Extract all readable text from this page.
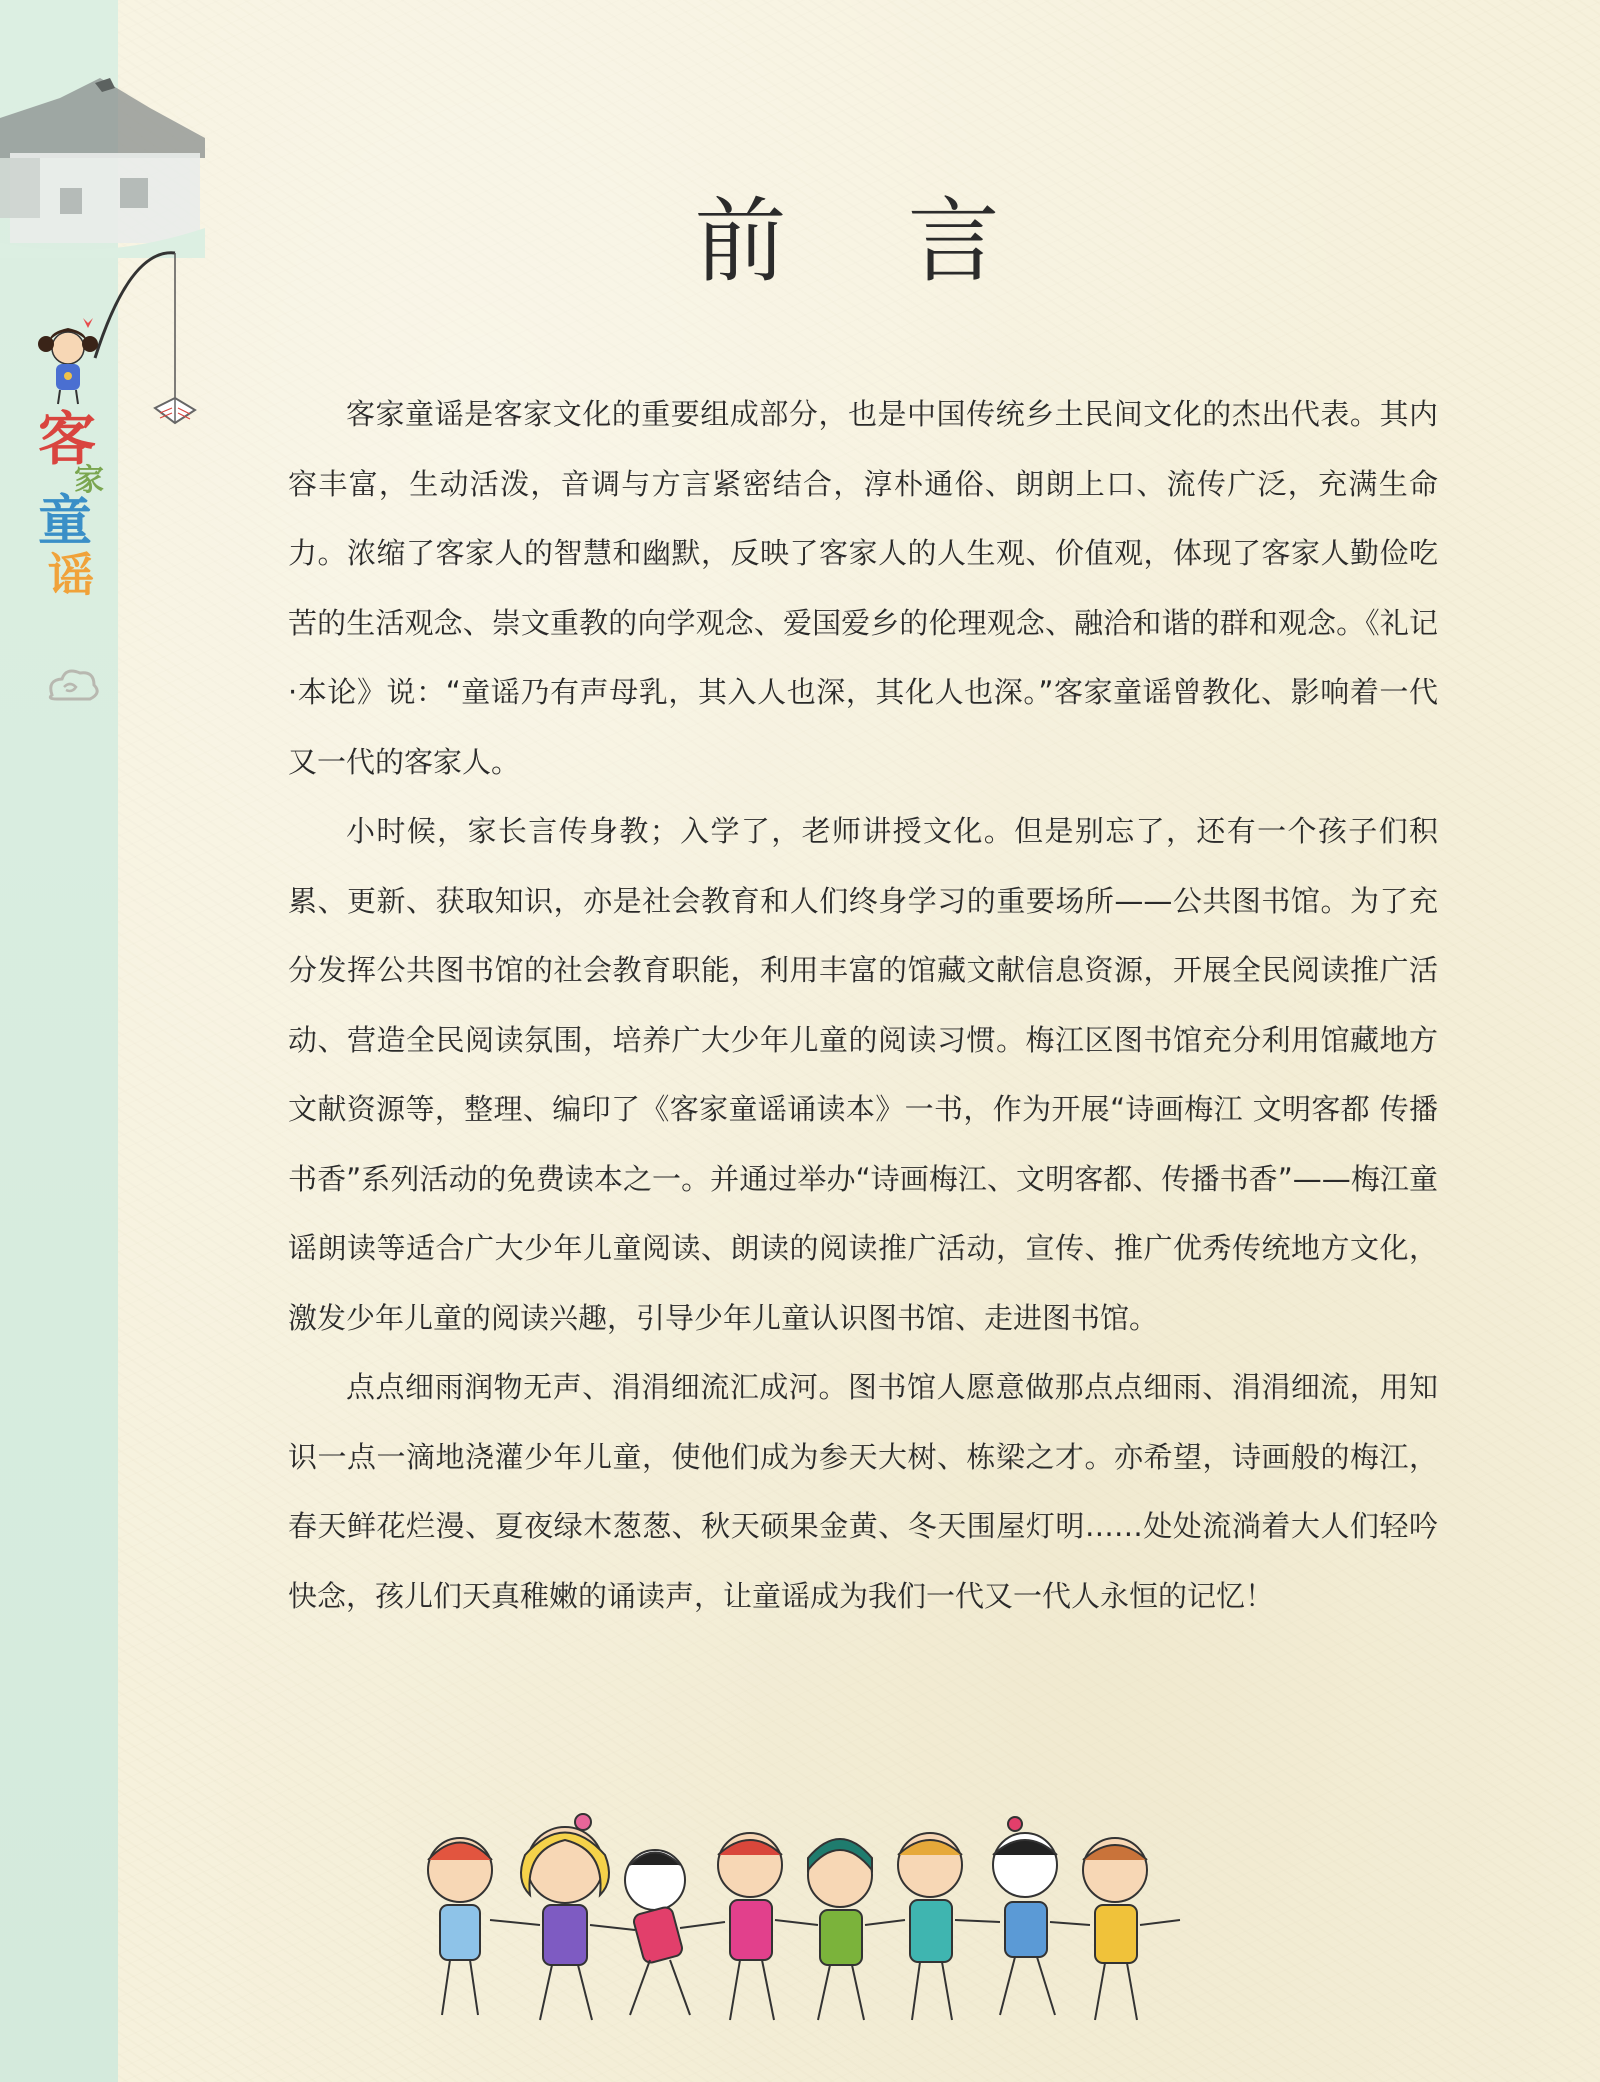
客
家
童
谣
前 言

客家童谣是客家文化的重要组成部分，也是中国传统乡土民间文化的杰出代表。其内容丰富，生动活泼，音调与方言紧密结合，淳朴通俗、朗朗上口、流传广泛，充满生命力。浓缩了客家人的智慧和幽默，反映了客家人的人生观、价值观，体现了客家人勤俭吃苦的生活观念、崇文重教的向学观念、爱国爱乡的伦理观念、融洽和谐的群和观念。《礼记·本论》说：“童谣乃有声母乳，其入人也深，其化人也深。”客家童谣曾教化、影响着一代又一代的客家人。

小时候，家长言传身教；入学了，老师讲授文化。但是别忘了，还有一个孩子们积累、更新、获取知识，亦是社会教育和人们终身学习的重要场所——公共图书馆。为了充分发挥公共图书馆的社会教育职能，利用丰富的馆藏文献信息资源，开展全民阅读推广活动、营造全民阅读氛围，培养广大少年儿童的阅读习惯。梅江区图书馆充分利用馆藏地方文献资源等，整理、编印了《客家童谣诵读本》一书，作为开展“诗画梅江 文明客都 传播书香”系列活动的免费读本之一。并通过举办“诗画梅江、文明客都、传播书香”——梅江童谣朗读等适合广大少年儿童阅读、朗读的阅读推广活动，宣传、推广优秀传统地方文化，激发少年儿童的阅读兴趣，引导少年儿童认识图书馆、走进图书馆。

点点细雨润物无声、涓涓细流汇成河。图书馆人愿意做那点点细雨、涓涓细流，用知识一点一滴地浇灌少年儿童，使他们成为参天大树、栋梁之才。亦希望，诗画般的梅江，春天鲜花烂漫、夏夜绿木葱葱、秋天硕果金黄、冬天围屋灯明……处处流淌着大人们轻吟快念，孩儿们天真稚嫩的诵读声，让童谣成为我们一代又一代人永恒的记忆！
